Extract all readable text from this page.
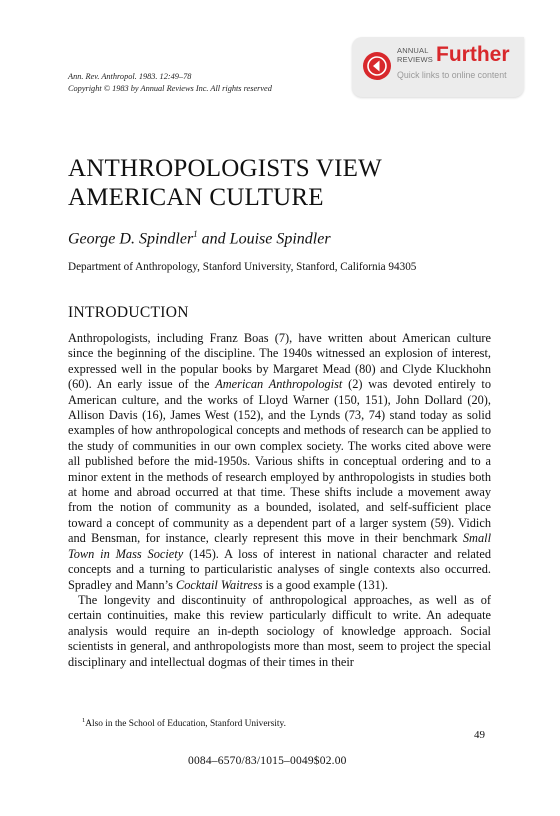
Ann. Rev. Anthropol. 1983. 12:49–78
Copyright © 1983 by Annual Reviews Inc. All rights reserved
ANNUAL
REVIEWS Further
Quick links to online content
ANTHROPOLOGISTS VIEW
AMERICAN CULTURE
George D. Spindler$^1$ and Louise Spindler
Department of Anthropology, Stanford University, Stanford, California 94305
INTRODUCTION

Anthropologists, including Franz Boas (7), have written about American culture since the beginning of the discipline. The 1940s witnessed an explosion of interest, expressed well in the popular books by Margaret Mead (80) and Clyde Kluckhohn (60). An early issue of the American Anthropologist (2) was devoted entirely to American culture, and the works of Lloyd Warner (150, 151), John Dollard (20), Allison Davis (16), James West (152), and the Lynds (73, 74) stand today as solid examples of how anthropological concepts and methods of research can be applied to the study of communities in our own complex society. The works cited above were all published before the mid-1950s. Various shifts in conceptual ordering and to a minor extent in the methods of research employed by anthropologists in studies both at home and abroad occurred at that time. These shifts include a movement away from the notion of community as a bounded, isolated, and self-sufficient place toward a concept of community as a dependent part of a larger system (59). Vidich and Bensman, for instance, clearly represent this move in their benchmark Small Town in Mass Society (145). A loss of interest in national character and related concepts and a turning to particularistic analyses of single contexts also occurred. Spradley and Mann’s Cocktail Waitress is a good example (131).

The longevity and discontinuity of anthropological approaches, as well as of certain continuities, make this review particularly difficult to write. An adequate analysis would require an in-depth sociology of knowledge approach. Social scientists in general, and anthropologists more than most, seem to project the special disciplinary and intellectual dogmas of their times in their

$^1$Also in the School of Education, Stanford University.
49
0084–6570/83/1015–0049$02.00
